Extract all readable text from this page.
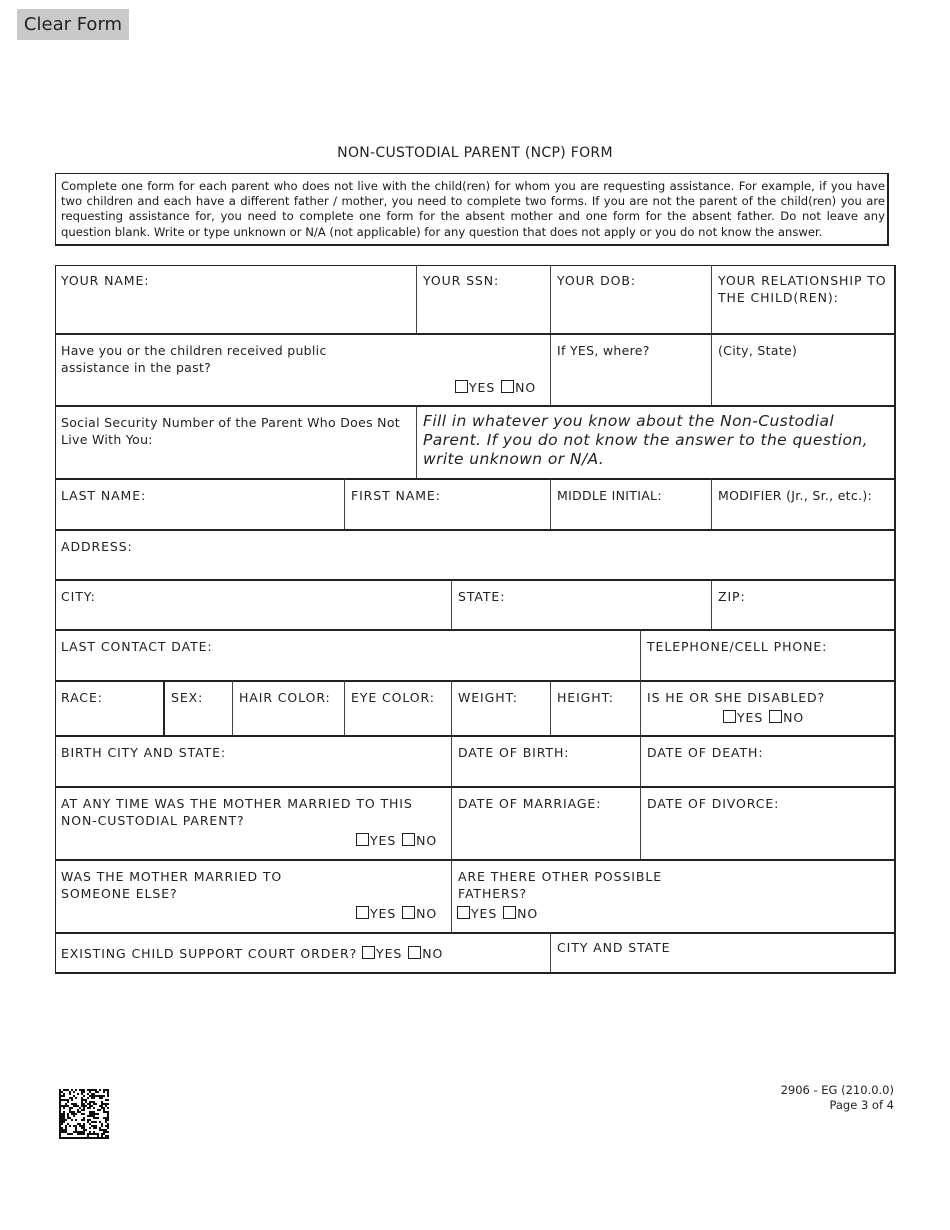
Clear Form
NON-CUSTODIAL PARENT (NCP) FORM
Complete one form for each parent who does not live with the child(ren) for whom you are requesting assistance. For example, if you have two children and each have a different father / mother, you need to complete two forms. If you are not the parent of the child(ren) you are requesting assistance for, you need to complete one form for the absent mother and one form for the absent father. Do not leave any question blank. Write or type unknown or N/A (not applicable) for any question that does not apply or you do not know the answer.
YOUR NAME:	YOUR SSN:	YOUR DOB:	YOUR RELATIONSHIP TO THE CHILD(REN):
Have you or the children received public assistance in the past?
YES NO
If YES, where?	(City, State)
Social Security Number of the Parent Who Does Not Live With You:
Fill in whatever you know about the Non-Custodial Parent. If you do not know the answer to the question, write unknown or N/A.
LAST NAME:	FIRST NAME:	MIDDLE INITIAL:	MODIFIER (Jr., Sr., etc.):
ADDRESS:
CITY:	STATE:	ZIP:
LAST CONTACT DATE:	TELEPHONE/CELL PHONE:
RACE:	SEX:	HAIR COLOR: EYE COLOR: WEIGHT:	HEIGHT:	IS HE OR SHE DISABLED?
YES NO
BIRTH CITY AND STATE:	DATE OF BIRTH:	DATE OF DEATH:
AT ANY TIME WAS THE MOTHER MARRIED TO THIS NON-CUSTODIAL PARENT?
YES NO
DATE OF MARRIAGE:	DATE OF DIVORCE:
WAS THE MOTHER MARRIED TO SOMEONE ELSE?
YES NO
ARE THERE OTHER POSSIBLE FATHERS?
YES NO
EXISTING CHILD SUPPORT COURT ORDER? YES NO	CITY AND STATE
2906 - EG (210.0.0)
Page 3 of 4
